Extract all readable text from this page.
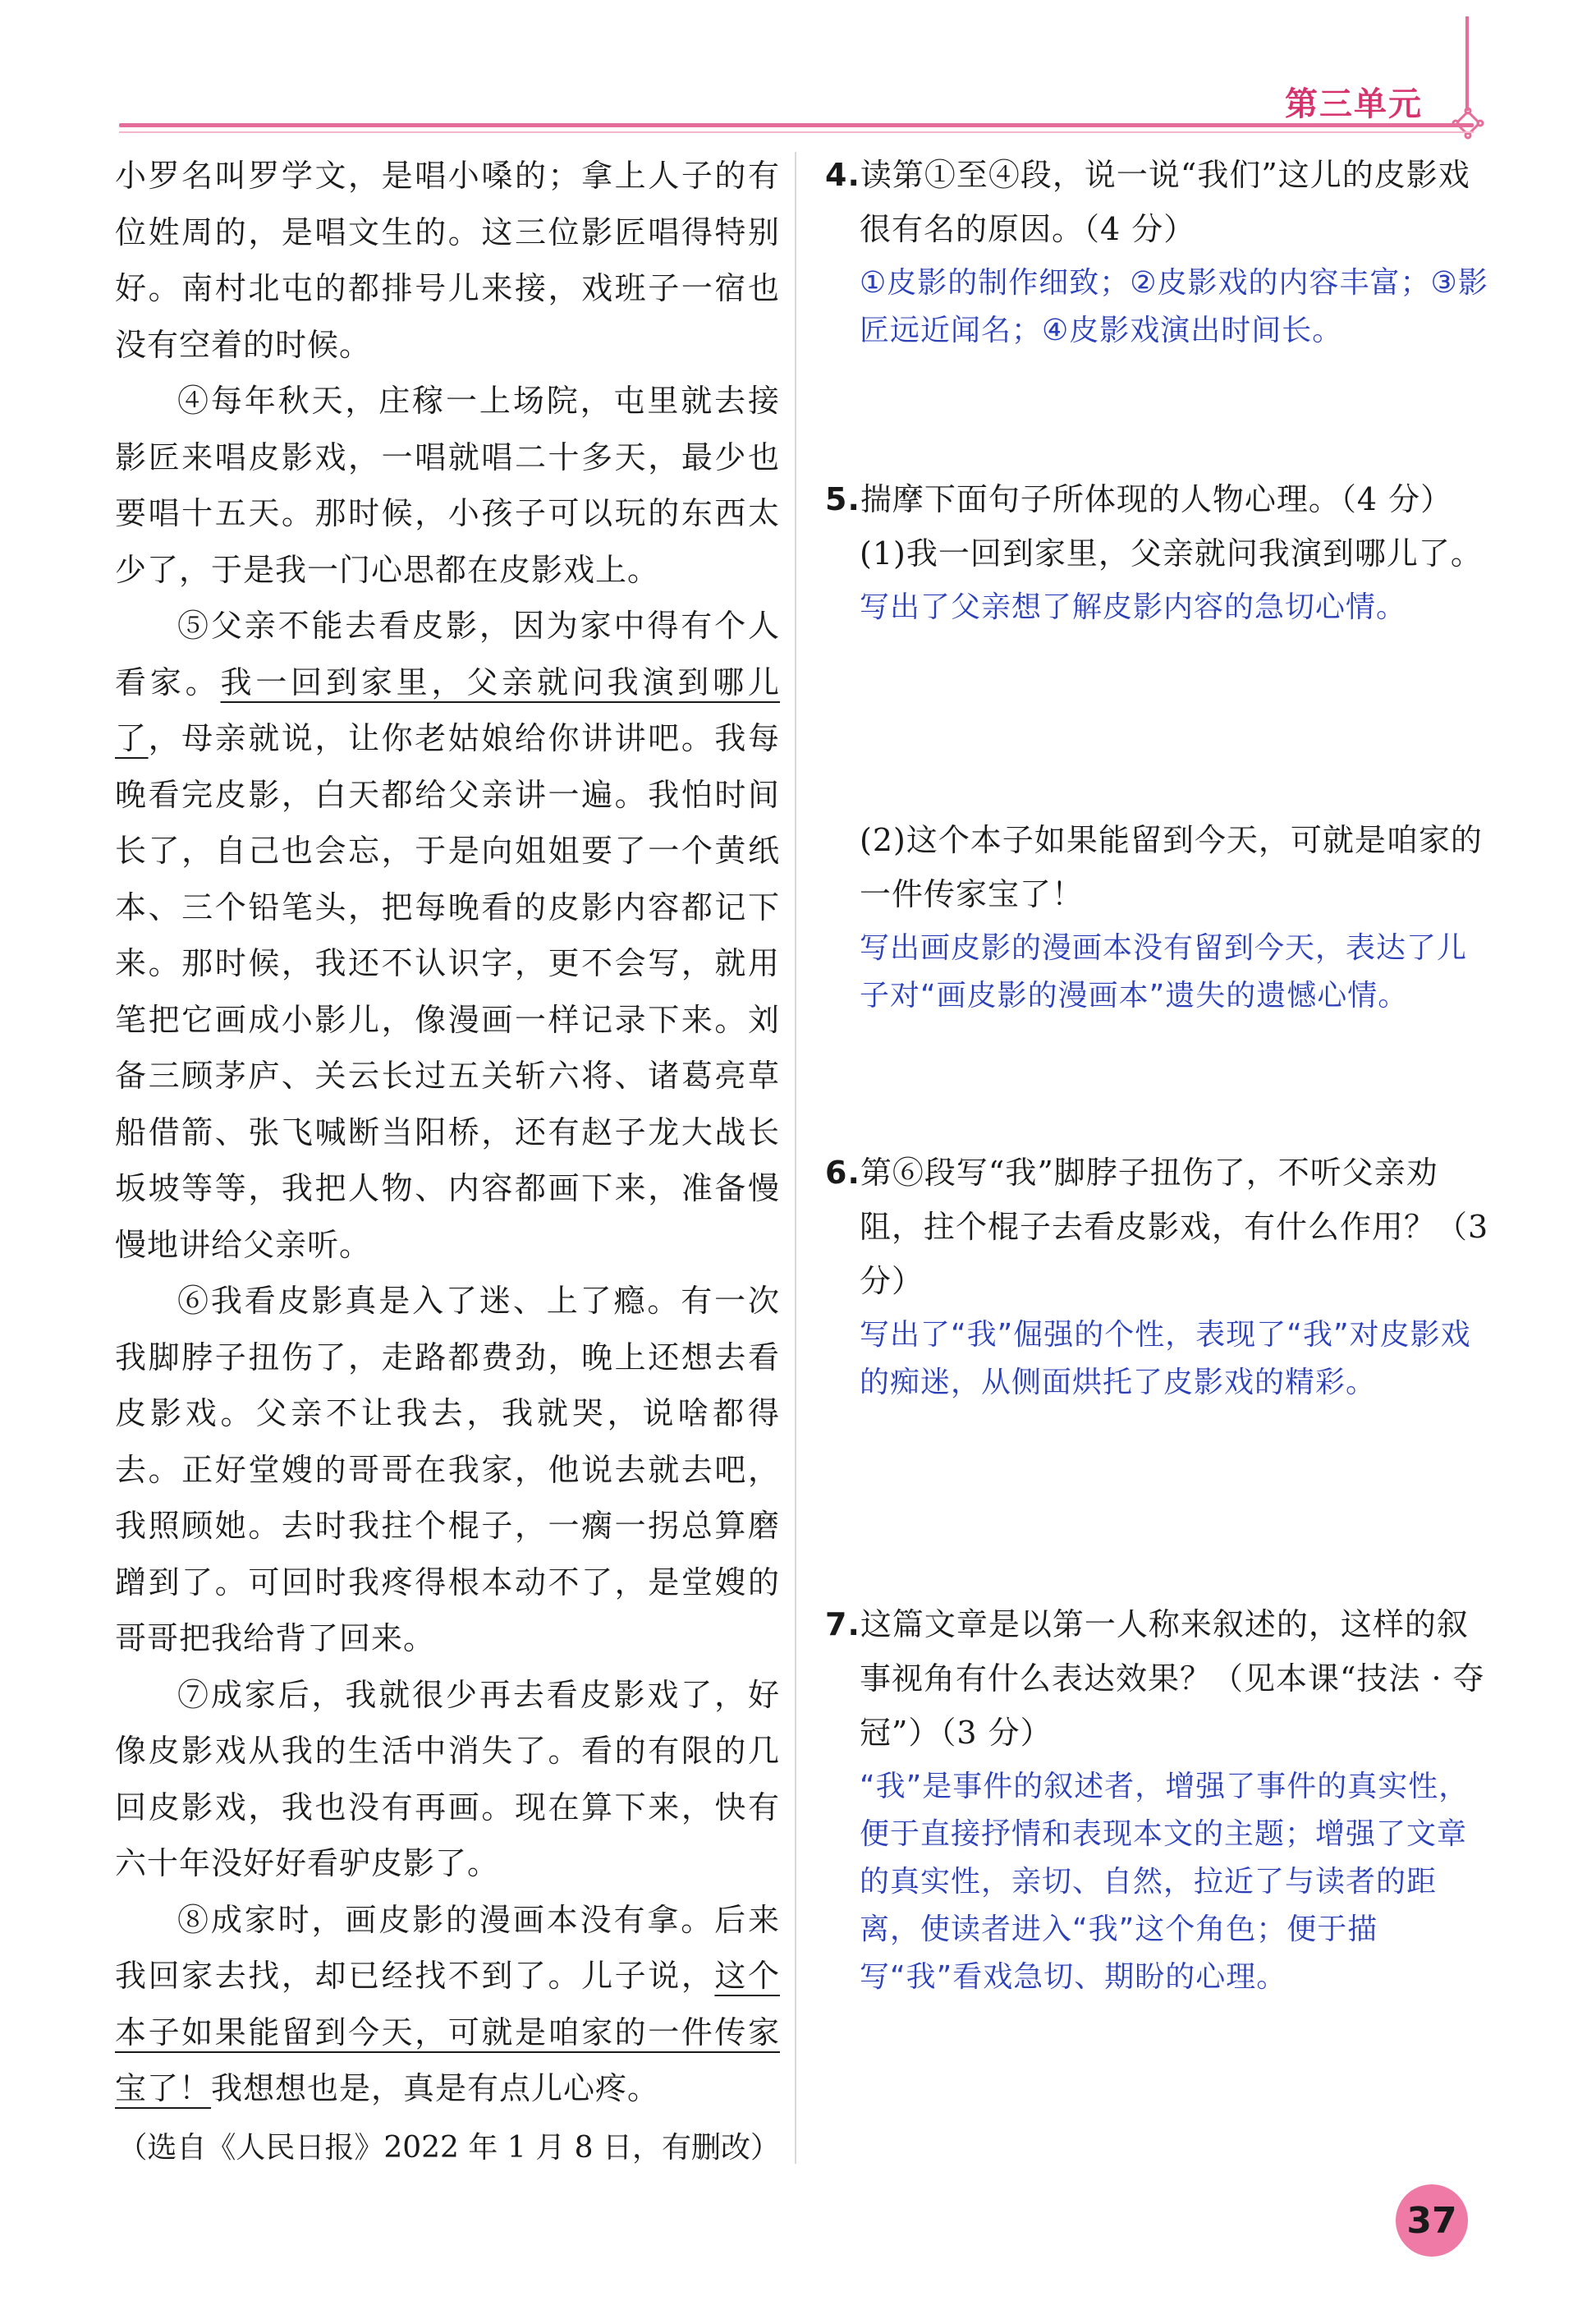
第三单元

小罗名叫罗学文，是唱小嗓的；拿上人子的有位姓周的，是唱文生的。这三位影匠唱得特别好。南村北屯的都排号儿来接，戏班子一宿也没有空着的时候。

④每年秋天，庄稼一上场院，屯里就去接影匠来唱皮影戏，一唱就唱二十多天，最少也要唱十五天。那时候，小孩子可以玩的东西太少了，于是我一门心思都在皮影戏上。

⑤父亲不能去看皮影，因为家中得有个人看家。我一回到家里，父亲就问我演到哪儿了，母亲就说，让你老姑娘给你讲讲吧。我每晚看完皮影，白天都给父亲讲一遍。我怕时间长了，自己也会忘，于是向姐姐要了一个黄纸本、三个铅笔头，把每晚看的皮影内容都记下来。那时候，我还不认识字，更不会写，就用笔把它画成小影儿，像漫画一样记录下来。刘备三顾茅庐、关云长过五关斩六将、诸葛亮草船借箭、张飞喊断当阳桥，还有赵子龙大战长坂坡等等，我把人物、内容都画下来，准备慢慢地讲给父亲听。

⑥我看皮影真是入了迷、上了瘾。有一次我脚脖子扭伤了，走路都费劲，晚上还想去看皮影戏。父亲不让我去，我就哭，说啥都得去。正好堂嫂的哥哥在我家，他说去就去吧，我照顾她。去时我拄个棍子，一瘸一拐总算磨蹭到了。可回时我疼得根本动不了，是堂嫂的哥哥把我给背了回来。

⑦成家后，我就很少再去看皮影戏了，好像皮影戏从我的生活中消失了。看的有限的几回皮影戏，我也没有再画。现在算下来，快有六十年没好好看驴皮影了。

⑧成家时，画皮影的漫画本没有拿。后来我回家去找，却已经找不到了。儿子说，这个本子如果能留到今天，可就是咱家的一件传家宝了！我想想也是，真是有点儿心疼。

（选自《人民日报》2022 年 1 月 8 日，有删改）

4.读第①至④段，说一说“我们”这儿的皮影戏很有名的原因。（4 分）

①皮影的制作细致；②皮影戏的内容丰富；③影匠远近闻名；④皮影戏演出时间长。

5.揣摩下面句子所体现的人物心理。（4 分）

(1)我一回到家里，父亲就问我演到哪儿了。

写出了父亲想了解皮影内容的急切心情。

(2)这个本子如果能留到今天，可就是咱家的一件传家宝了！

写出画皮影的漫画本没有留到今天，表达了儿子对“画皮影的漫画本”遗失的遗憾心情。

6.第⑥段写“我”脚脖子扭伤了，不听父亲劝阻，拄个棍子去看皮影戏，有什么作用？（3 分）

写出了“我”倔强的个性，表现了“我”对皮影戏的痴迷，从侧面烘托了皮影戏的精彩。

7.这篇文章是以第一人称来叙述的，这样的叙事视角有什么表达效果？（见本课“技法 · 夺冠”）（3 分）

“我”是事件的叙述者，增强了事件的真实性，便于直接抒情和表现本文的主题；增强了文章的真实性，亲切、自然，拉近了与读者的距离，使读者进入“我”这个角色；便于描写“我”看戏急切、期盼的心理。

37
